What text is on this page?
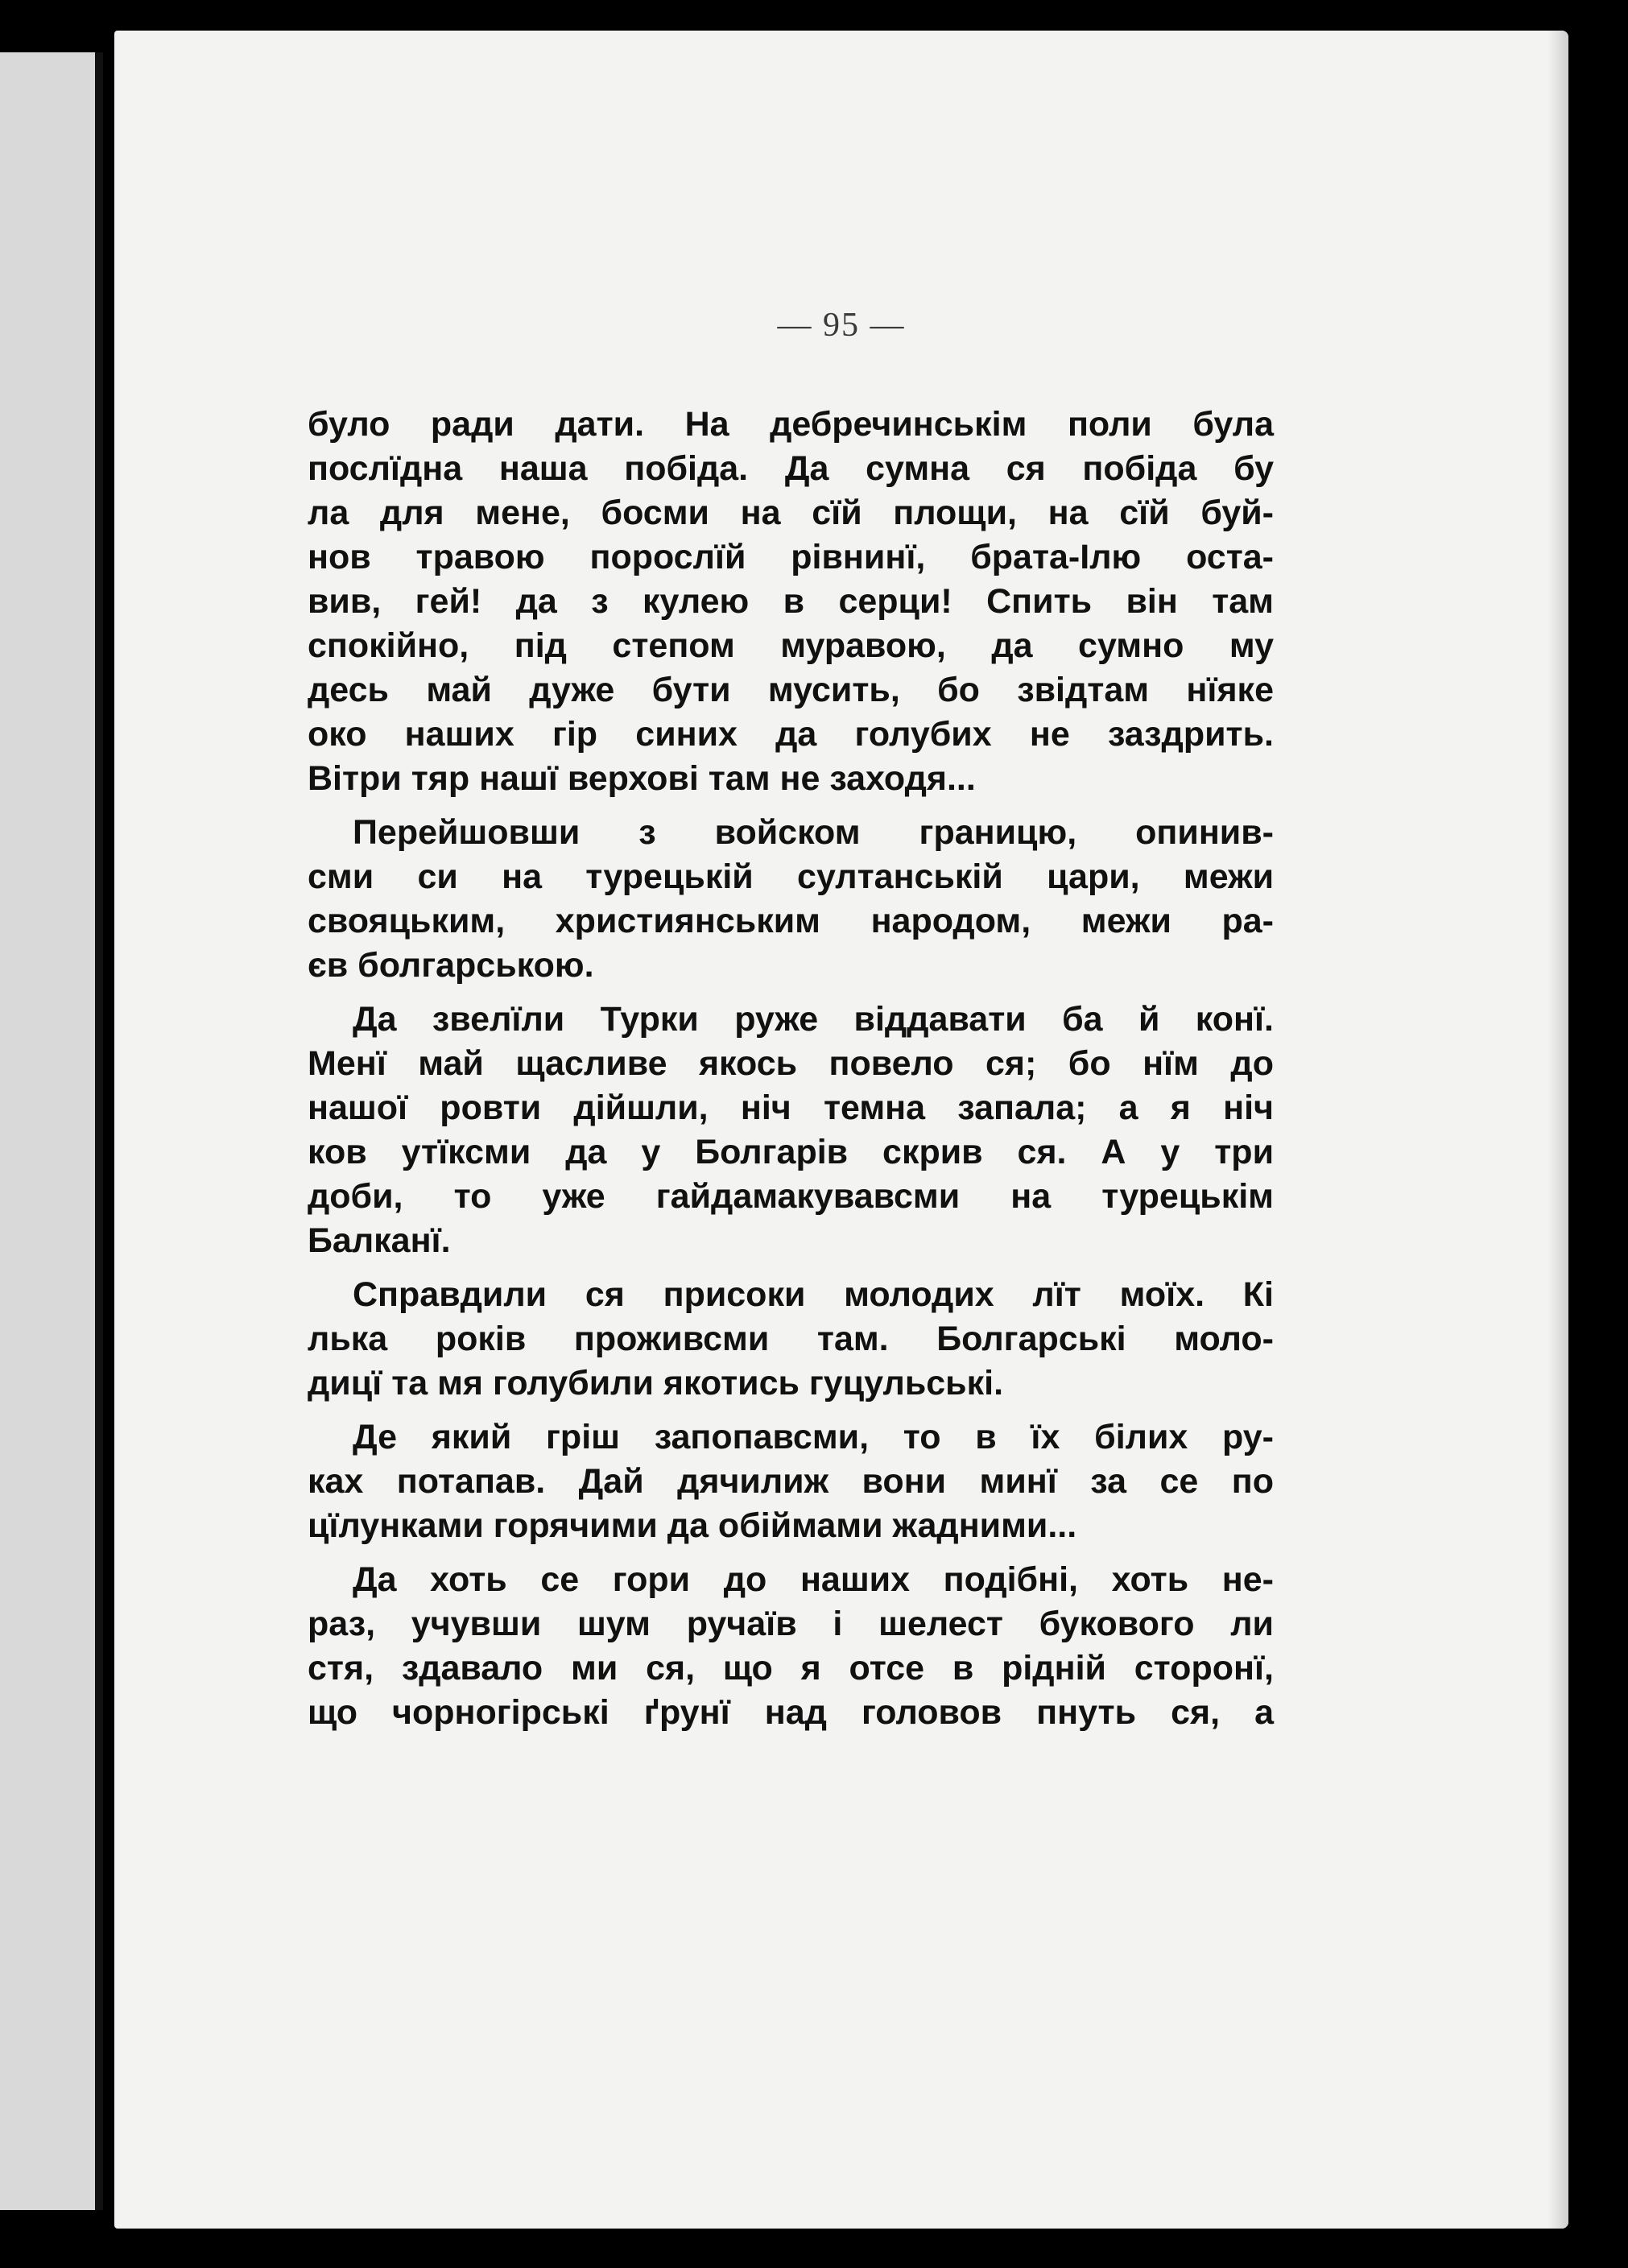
— 95 —
було ради дати. На дебречинськім поли була
послїдна наша побіда. Да сумна ся побіда бу
ла для мене, босми на сїй площи, на сїй буй-
нов травою порослїй рівнинї, брата-Ілю оста-
вив, гей! да з кулею в серци! Спить він там
спокійно, під степом муравою, да сумно му
десь май дуже бути мусить, бо звідтам нїяке
око наших гір синих да голубих не заздрить.
Вітри тяр нашї верхові там не заходя...
Перейшовши з войском границю, опинив-
сми си на турецькій султанській цари, межи
свояцьким, християнським народом, межи ра-
єв болгарською.
Да звелїли Турки руже віддавати ба й конї.
Менї май щасливе якось повело ся; бо нїм до
нашої ровти дійшли, ніч темна запала; а я ніч
ков утїксми да у Болгарів скрив ся. А у три
доби, то уже гайдамакувавсми на турецькім
Балканї.
Справдили ся присоки молодих лїт моїх. Кі
лька років проживсми там. Болгарські моло-
дицї та мя голубили якотись гуцульські.
Де який гріш запопавсми, то в їх білих ру-
ках потапав. Дай дячилиж вони минї за се по
цїлунками горячими да обіймами жадними...
Да хоть се гори до наших подібні, хоть не-
раз, учувши шум ручаїв і шелест букового ли
стя, здавало ми ся, що я отсе в рідній сторонї,
що чорногірські ґрунї над головов пнуть ся, а
